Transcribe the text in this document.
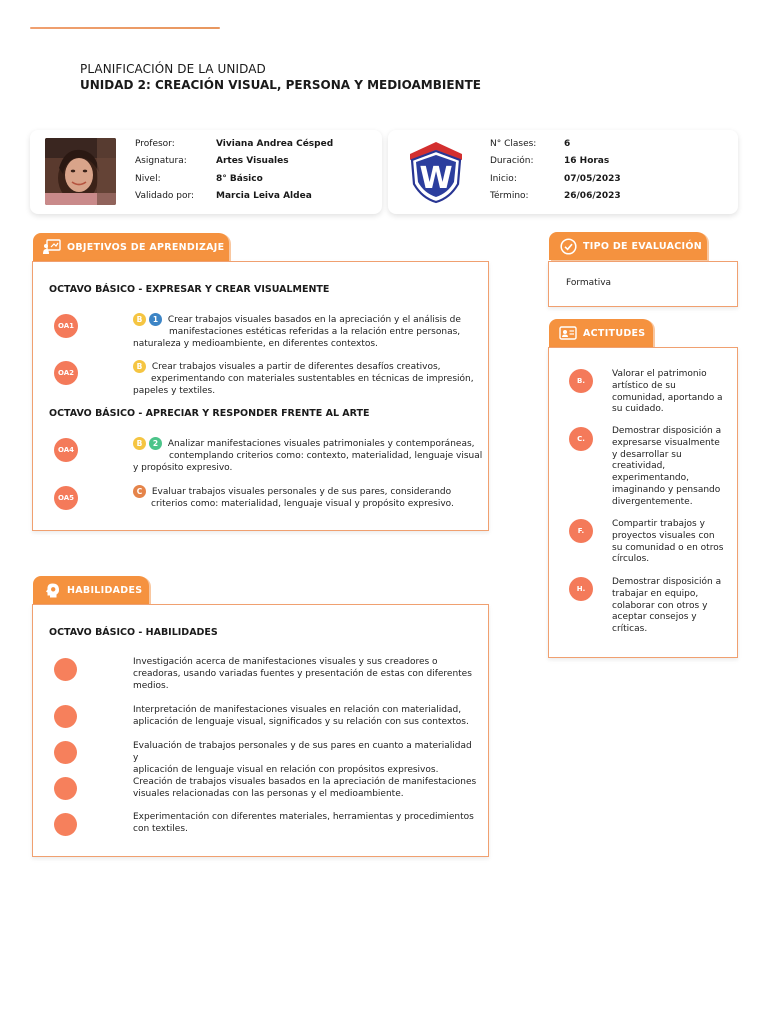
PLANIFICACIÓN DE LA UNIDAD
UNIDAD 2: CREACIÓN VISUAL, PERSONA Y MEDIOAMBIENTE
Profesor:	Viviana Andrea Césped
Asignatura:	Artes Visuales
Nivel:	8° Básico
Validado por: Marcia Leiva Aldea	W
N° Clases:	6
Duración:	16 Horas
Inicio:	07/05/2023
Término:	26/06/2023
OBJETIVOS DE APRENDIZAJE
OCTAVO BÁSICO - EXPRESAR Y CREAR VISUALMENTE
OA1
B 1 Crear trabajos visuales basados en la apreciación y el análisis de
manifestaciones estéticas referidas a la relación entre personas,
naturaleza y medioambiente, en diferentes contextos.
OA2
B Crear trabajos visuales a partir de diferentes desafíos creativos,
experimentando con materiales sustentables en técnicas de impresión,
papeles y textiles.
OCTAVO BÁSICO - APRECIAR Y RESPONDER FRENTE AL ARTE
OA4
B 2 Analizar manifestaciones visuales patrimoniales y contemporáneas,
contemplando criterios como: contexto, materialidad, lenguaje visual
y propósito expresivo.
OA5
C Evaluar trabajos visuales personales y de sus pares, considerando
criterios como: materialidad, lenguaje visual y propósito expresivo.
TIPO DE EVALUACIÓN
Formativa
ACTITUDES
B.
Valorar el patrimonio
artístico de su
comunidad, aportando a
su cuidado.
C.
Demostrar disposición a
expresarse visualmente
y desarrollar su
creatividad,
experimentando,
imaginando y pensando
divergentemente.
F.
Compartir trabajos y
proyectos visuales con
su comunidad o en otros
círculos.
H.
Demostrar disposición a
trabajar en equipo,
colaborar con otros y
aceptar consejos y
críticas.
HABILIDADES
OCTAVO BÁSICO - HABILIDADES
Investigación acerca de manifestaciones visuales y sus creadores o
creadoras, usando variadas fuentes y presentación de estas con diferentes
medios.
Interpretación de manifestaciones visuales en relación con materialidad,
aplicación de lenguaje visual, significados y su relación con sus contextos.
Evaluación de trabajos personales y de sus pares en cuanto a materialidad y
aplicación de lenguaje visual en relación con propósitos expresivos.
Creación de trabajos visuales basados en la apreciación de manifestaciones
visuales relacionadas con las personas y el medioambiente.
Experimentación con diferentes materiales, herramientas y procedimientos
con textiles.
